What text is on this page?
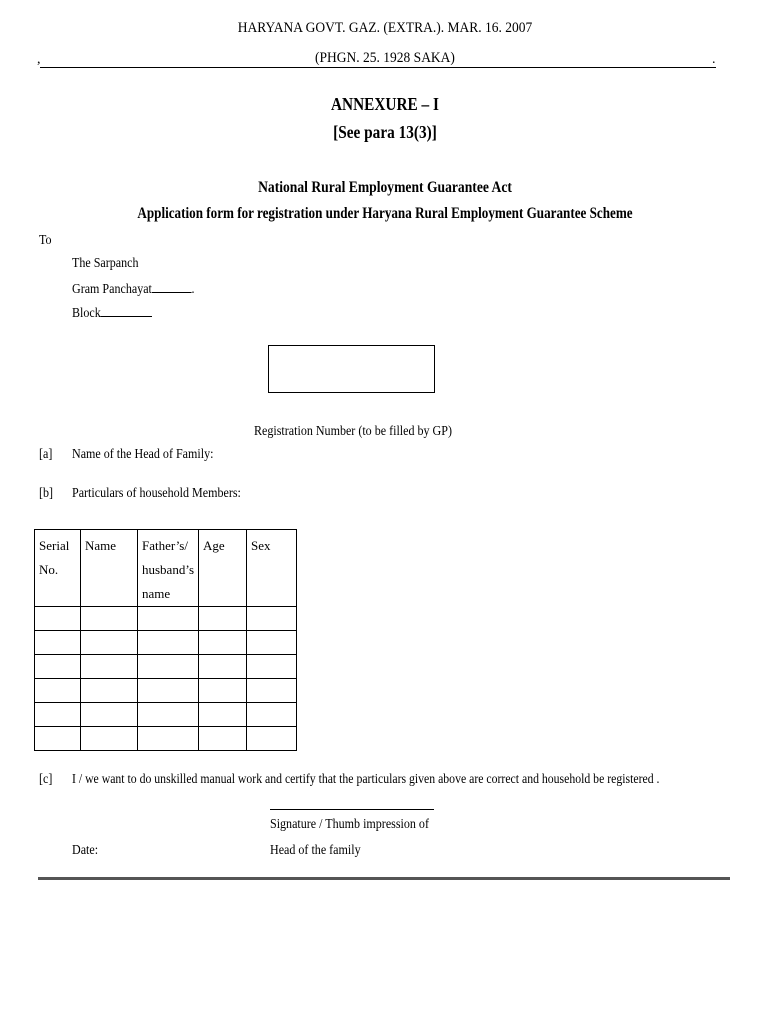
HARYANA GOVT. GAZ. (EXTRA.). MAR. 16. 2007
(PHGN. 25. 1928 SAKA)
,	.
ANNEXURE – I
[See para 13(3)]
National Rural Employment Guarantee Act
Application form for registration under Haryana Rural Employment Guarantee Scheme
To
The Sarpanch
Gram Panchayat	.
Block
Registration Number (to be filled by GP)
[a] Name of the Head of Family:
[b] Particulars of household Members:
Serial No.	Name	Father’s/ husband’s name	Age	Sex

[c] I / we want to do unskilled manual work and certify that the particulars given above are correct and household be registered .
Signature / Thumb impression of
Head of the family
Date:
